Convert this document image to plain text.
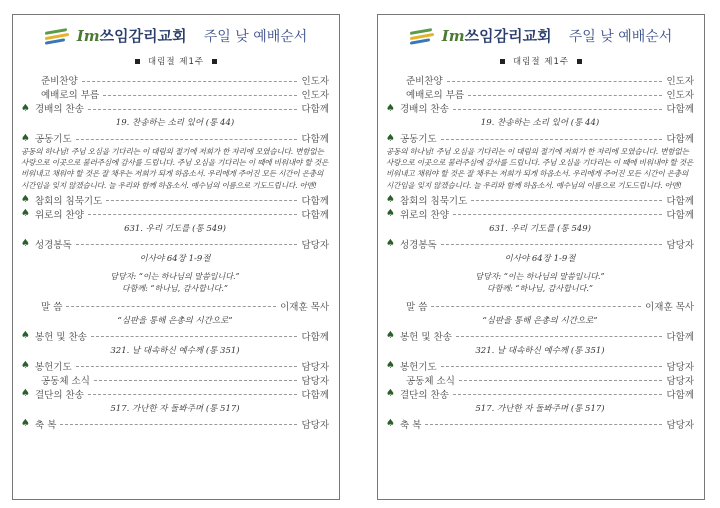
Im쓰임감리교회 주일 낮 예배순서
대림절 제1주
준비찬양	인도자
예배로의 부름	인도자
♠ 경배의 찬송	다함께
19. 찬송하는 소리 있어 (통 44)
♠ 공동기도	다함께
공동의 하나님! 주님 오심을 기다리는 이 대림의 절기에 저희가 한 자리에 모였습니다. 변함없는 사랑으로 이곳으로 불러주심에 감사를 드립니다. 주님 오심을 기다리는 이 때에 비워내야 할 것은 비워내고 채워야 할 것은 잘 채우는 저희가 되게 하옵소서. 우리에게 주어진 모든 시간이 은총의 시간임을 잊지 않겠습니다. 늘 우리와 함께 하옵소서. 예수님의 이름으로 기도드립니다. 아멘!
♠ 참회의 침묵기도	다함께
♠ 위로의 찬양	다함께
631. 우리 기도를 (통 549)
♠ 성경봉독	담당자
이사야 64장 1-9절
담당자: “이는 하나님의 말씀입니다.”
다함께: “하나님, 감사합니다.”
말 씀	이재훈 목사
“심판을 통해 은총의 시간으로”
♠ 봉헌 및 찬송	다함께
321. 날 대속하신 예수께 (통 351)
♠ 봉헌기도	담당자
공동체 소식	담당자
♠ 결단의 찬송	다함께
517. 가난한 자 돌봐주며 (통 517)
♠ 축 복	담당자
Im쓰임감리교회 주일 낮 예배순서
대림절 제1주
준비찬양	인도자
예배로의 부름	인도자
♠ 경배의 찬송	다함께
19. 찬송하는 소리 있어 (통 44)
♠ 공동기도	다함께
공동의 하나님! 주님 오심을 기다리는 이 대림의 절기에 저희가 한 자리에 모였습니다. 변함없는 사랑으로 이곳으로 불러주심에 감사를 드립니다. 주님 오심을 기다리는 이 때에 비워내야 할 것은 비워내고 채워야 할 것은 잘 채우는 저희가 되게 하옵소서. 우리에게 주어진 모든 시간이 은총의 시간임을 잊지 않겠습니다. 늘 우리와 함께 하옵소서. 예수님의 이름으로 기도드립니다. 아멘!
♠ 참회의 침묵기도	다함께
♠ 위로의 찬양	다함께
631. 우리 기도를 (통 549)
♠ 성경봉독	담당자
이사야 64장 1-9절
담당자: “이는 하나님의 말씀입니다.”
다함께: “하나님, 감사합니다.”
말 씀	이재훈 목사
“심판을 통해 은총의 시간으로”
♠ 봉헌 및 찬송	다함께
321. 날 대속하신 예수께 (통 351)
♠ 봉헌기도	담당자
공동체 소식	담당자
♠ 결단의 찬송	다함께
517. 가난한 자 돌봐주며 (통 517)
♠ 축 복	담당자
